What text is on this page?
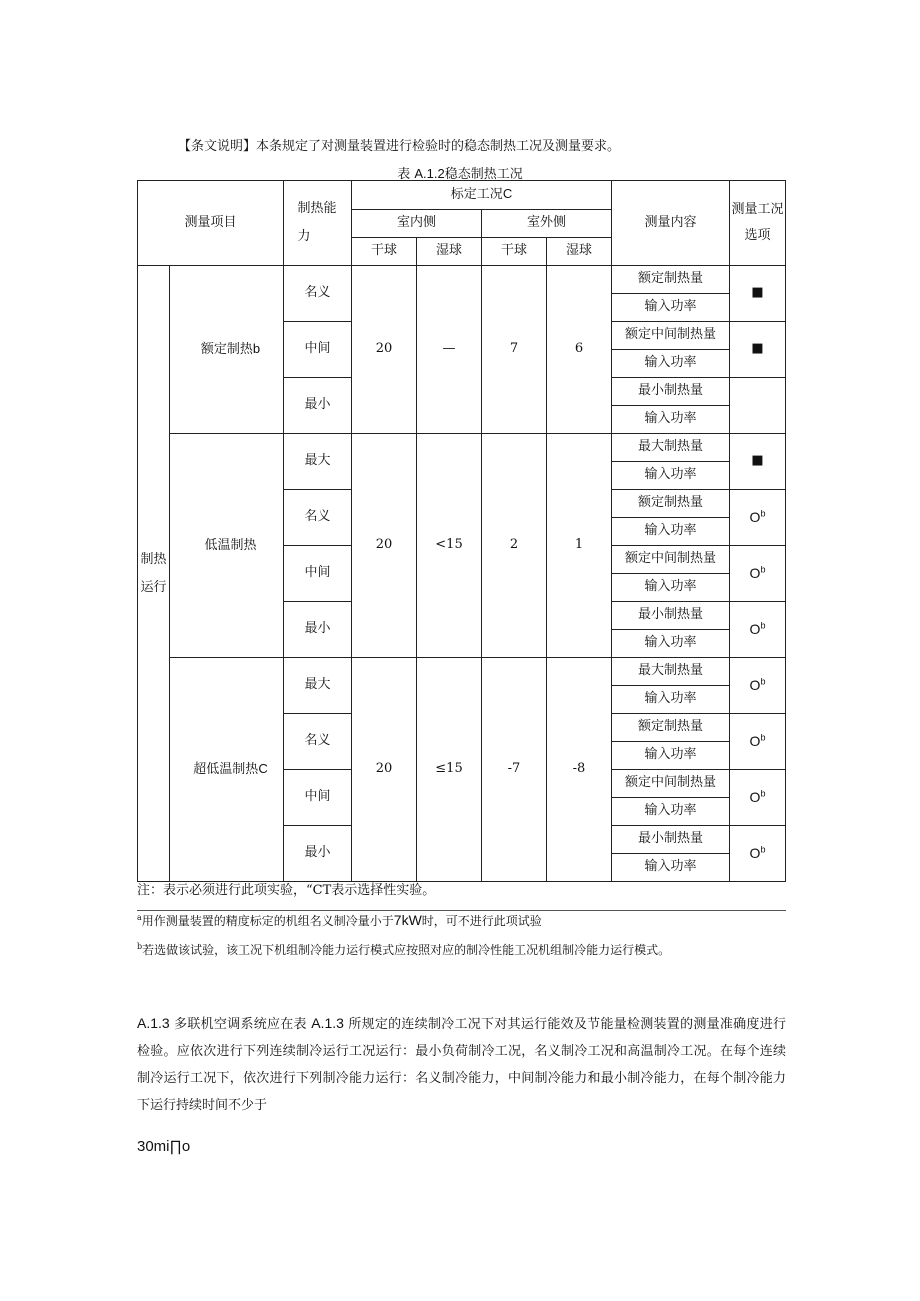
【条文说明】本条规定了对测量装置进行检验时的稳态制热工况及测量要求。
表 A.1.2稳态制热工况
测量项目		制热能力	标定工况C				测量内容	测量工况选项

			室内侧		室外侧			
			干球	湿球	干球	湿球		

制热运行	额定制热b	名义	20	—	7	6	额定制热量	■
							输入功率	
		中间					额定中间制热量	■
							输入功率	
		最小					最小制热量	
							输入功率	
	低温制热	最大	20	<15	2	1	最大制热量	■
							输入功率	
		名义					额定制热量	$O^b$
							输入功率	
		中间					额定中间制热量	$O^b$
							输入功率	
		最小					最小制热量	$O^b$
							输入功率	
	超低温制热C	最大	20	≤15	-7	-8	最大制热量	$O^b$
							输入功率	
		名义					额定制热量	$O^b$
							输入功率	
		中间					额定中间制热量	$O^b$
							输入功率	
		最小					最小制热量	$O^b$
							输入功率	
注：表示必须进行此项实验，“CT表示选择性实验。
$^a$用作测量装置的精度标定的机组名义制冷量小于7kW时，可不进行此项试验
$^b$若选做该试验，该工况下机组制冷能力运行模式应按照对应的制冷性能工况机组制冷能力运行模式。
A.1.3 多联机空调系统应在表 A.1.3 所规定的连续制冷工况下对其运行能效及节能量检测装置的测量准确度进行检验。应依次进行下列连续制冷运行工况运行：最小负荷制冷工况，名义制冷工况和高温制冷工况。在每个连续制冷运行工况下，依次进行下列制冷能力运行：名义制冷能力，中间制冷能力和最小制冷能力，在每个制冷能力下运行持续时间不少于
30mi∏o
